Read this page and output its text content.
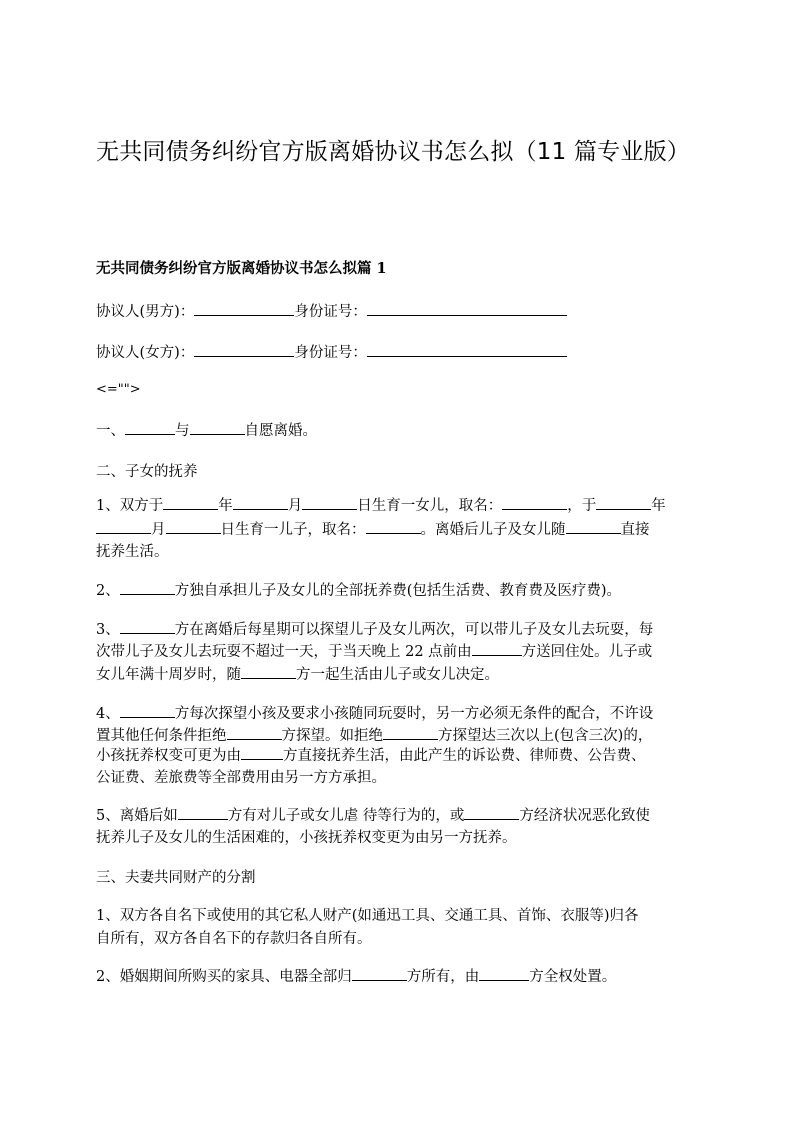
无共同债务纠纷官方版离婚协议书怎么拟（11 篇专业版）
无共同债务纠纷官方版离婚协议书怎么拟篇 1

协议人(男方)：	身份证号：

协议人(女方)：	身份证号：

<="">

一、	与	自愿离婚。

二、子女的抚养

1、双方于	年	月	日生育一女儿，取名：	，于	年

月	日生育一儿子，取名：	。离婚后儿子及女儿随	直接

抚养生活。

2、	方独自承担儿子及女儿的全部抚养费(包括生活费、教育费及医疗费)。

3、	方在离婚后每星期可以探望儿子及女儿两次，可以带儿子及女儿去玩耍，每

次带儿子及女儿去玩耍不超过一天，于当天晚上 22 点前由	方送回住处。儿子或

女儿年满十周岁时，随	方一起生活由儿子或女儿决定。

4、	方每次探望小孩及要求小孩随同玩耍时，另一方必须无条件的配合，不许设

置其他任何条件拒绝	方探望。如拒绝	方探望达三次以上(包含三次)的，

小孩抚养权变可更为由	方直接抚养生活，由此产生的诉讼费、律师费、公告费、

公证费、差旅费等全部费用由另一方方承担。

5、离婚后如	方有对儿子或女儿虐 待等行为的，或	方经济状况恶化致使

抚养儿子及女儿的生活困难的，小孩抚养权变更为由另一方抚养。

三、夫妻共同财产的分割

1、双方各自名下或使用的其它私人财产(如通迅工具、交通工具、首饰、衣服等)归各

自所有，双方各自名下的存款归各自所有。

2、婚姻期间所购买的家具、电器全部归	方所有，由	方全权处置。
